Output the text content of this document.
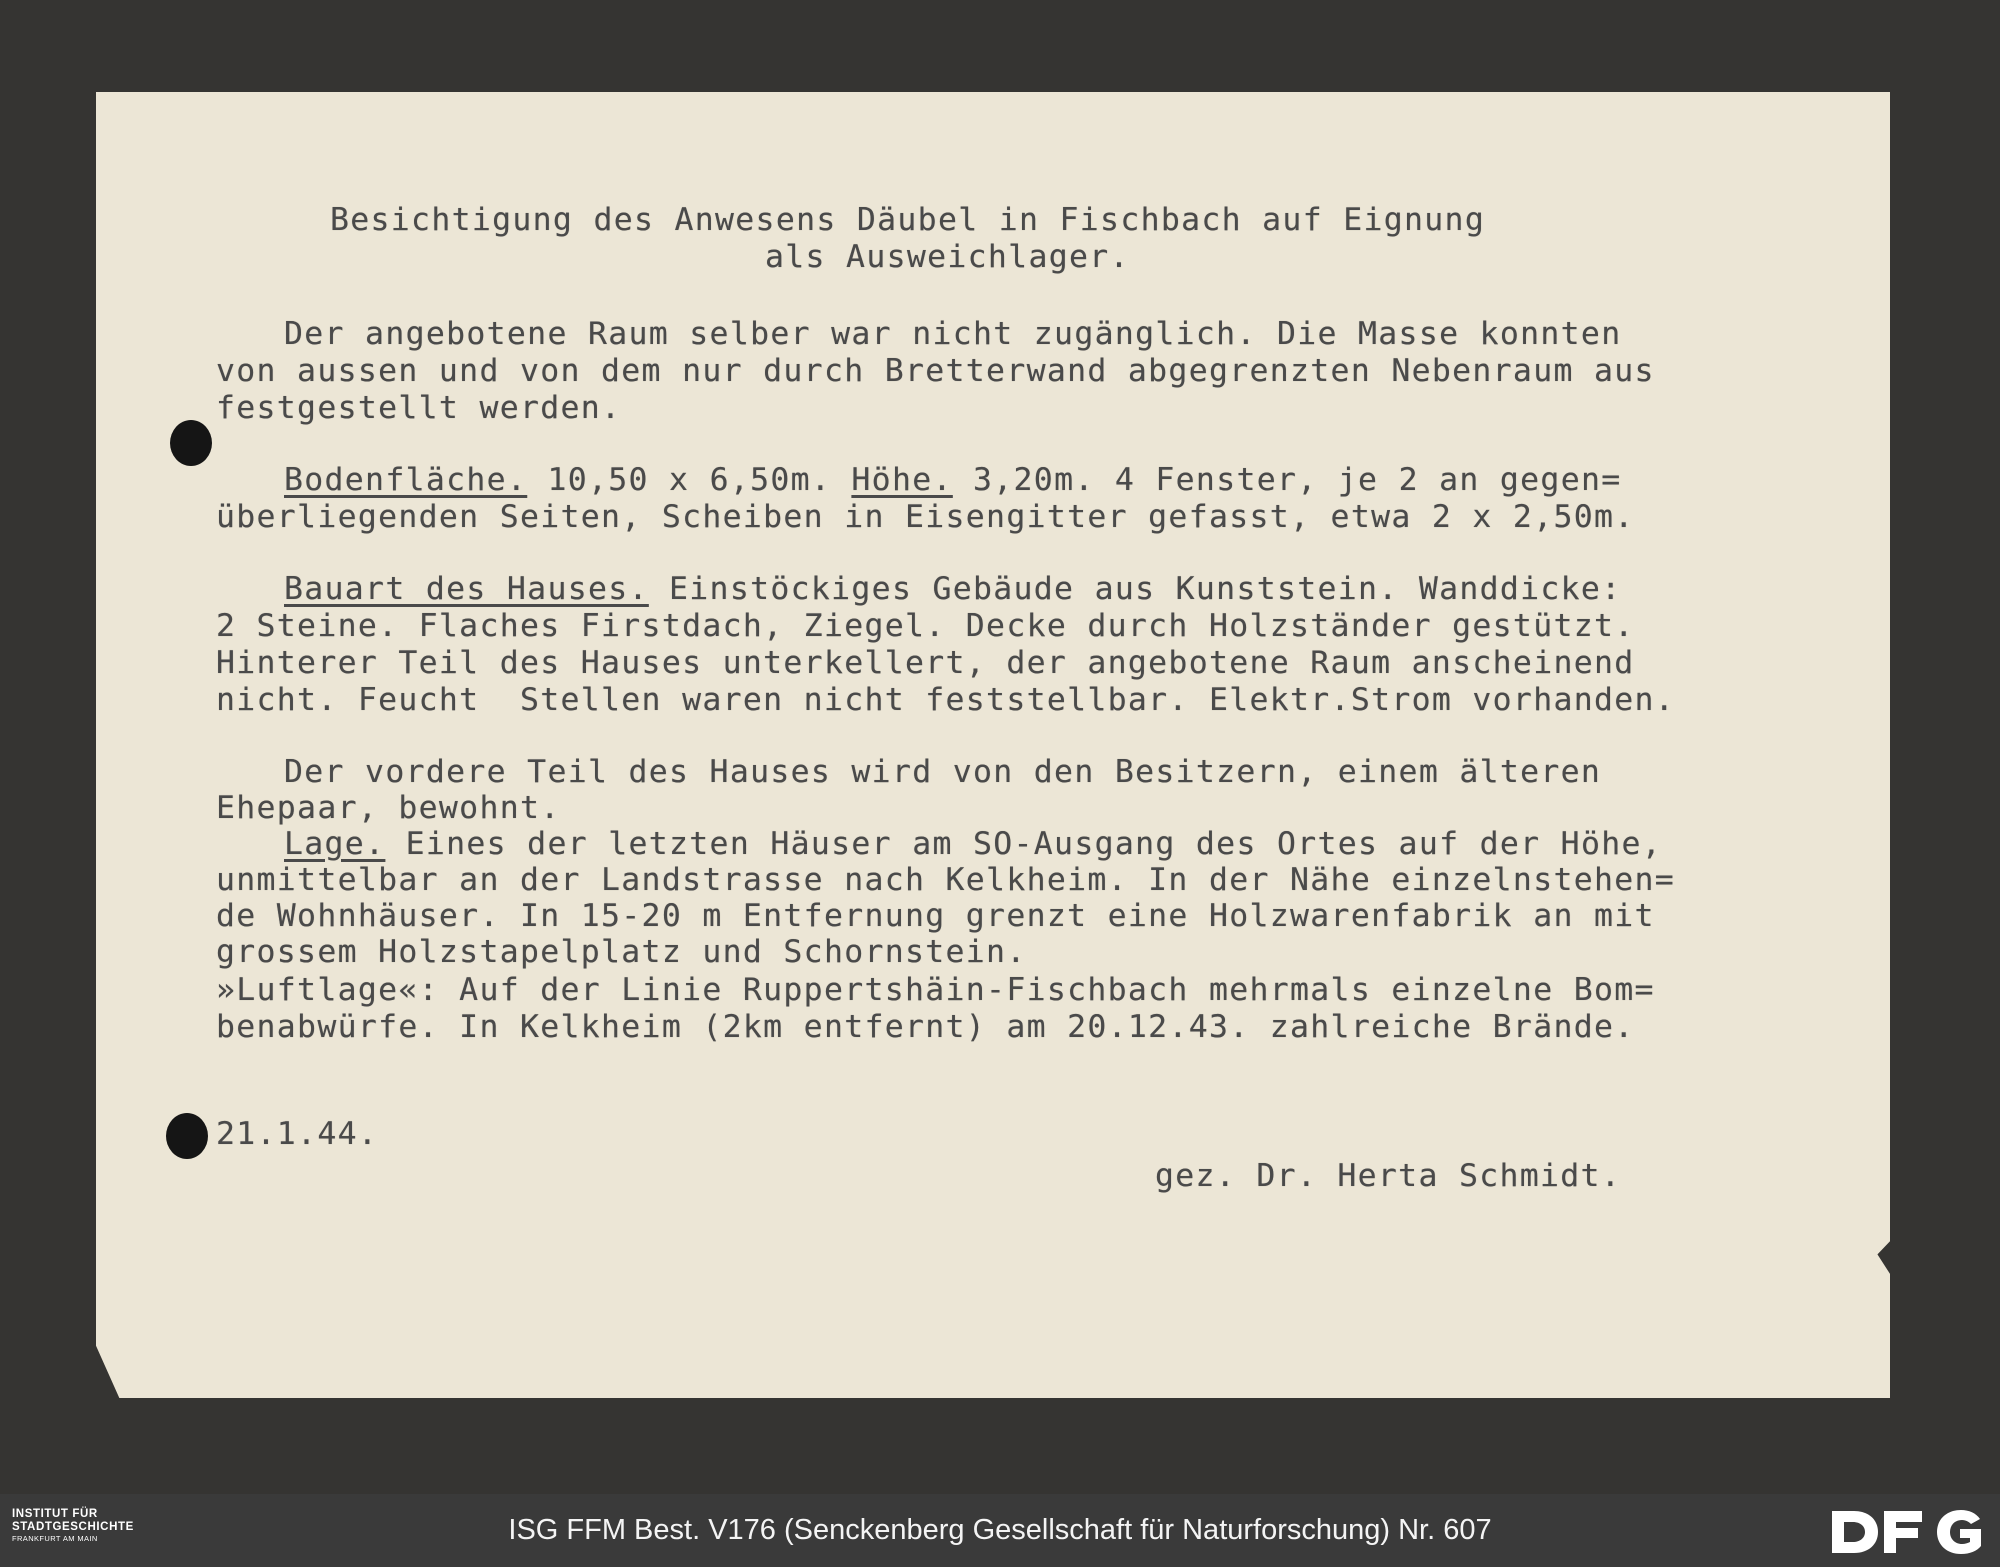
Besichtigung des Anwesens Däubel in Fischbach auf Eignung
als Ausweichlager.
Der angebotene Raum selber war nicht zugänglich. Die Masse konnten
von aussen und von dem nur durch Bretterwand abgegrenzten Nebenraum aus
festgestellt werden.
Bodenfläche. 10,50 x 6,50m. Höhe. 3,20m. 4 Fenster, je 2 an gegen=
überliegenden Seiten, Scheiben in Eisengitter gefasst, etwa 2 x 2,50m.
Bauart des Hauses. Einstöckiges Gebäude aus Kunststein. Wanddicke:
2 Steine. Flaches Firstdach, Ziegel. Decke durch Holzständer gestützt.
Hinterer Teil des Hauses unterkellert, der angebotene Raum anscheinend
nicht. Feucht  Stellen waren nicht feststellbar. Elektr.Strom vorhanden.
Der vordere Teil des Hauses wird von den Besitzern, einem älteren
Ehepaar, bewohnt.
Lage. Eines der letzten Häuser am SO-Ausgang des Ortes auf der Höhe,
unmittelbar an der Landstrasse nach Kelkheim. In der Nähe einzelnstehen=
de Wohnhäuser. In 15-20 m Entfernung grenzt eine Holzwarenfabrik an mit
grossem Holzstapelplatz und Schornstein.
»Luftlage«: Auf der Linie Ruppertshäin-Fischbach mehrmals einzelne Bom=
benabwürfe. In Kelkheim (2km entfernt) am 20.12.43. zahlreiche Brände.
21.1.44.
gez. Dr. Herta Schmidt.
INSTITUT FÜR
STADTGESCHICHTE
FRANKFURT AM MAIN	ISG FFM Best. V176 (Senckenberg Gesellschaft für Naturforschung) Nr. 607
